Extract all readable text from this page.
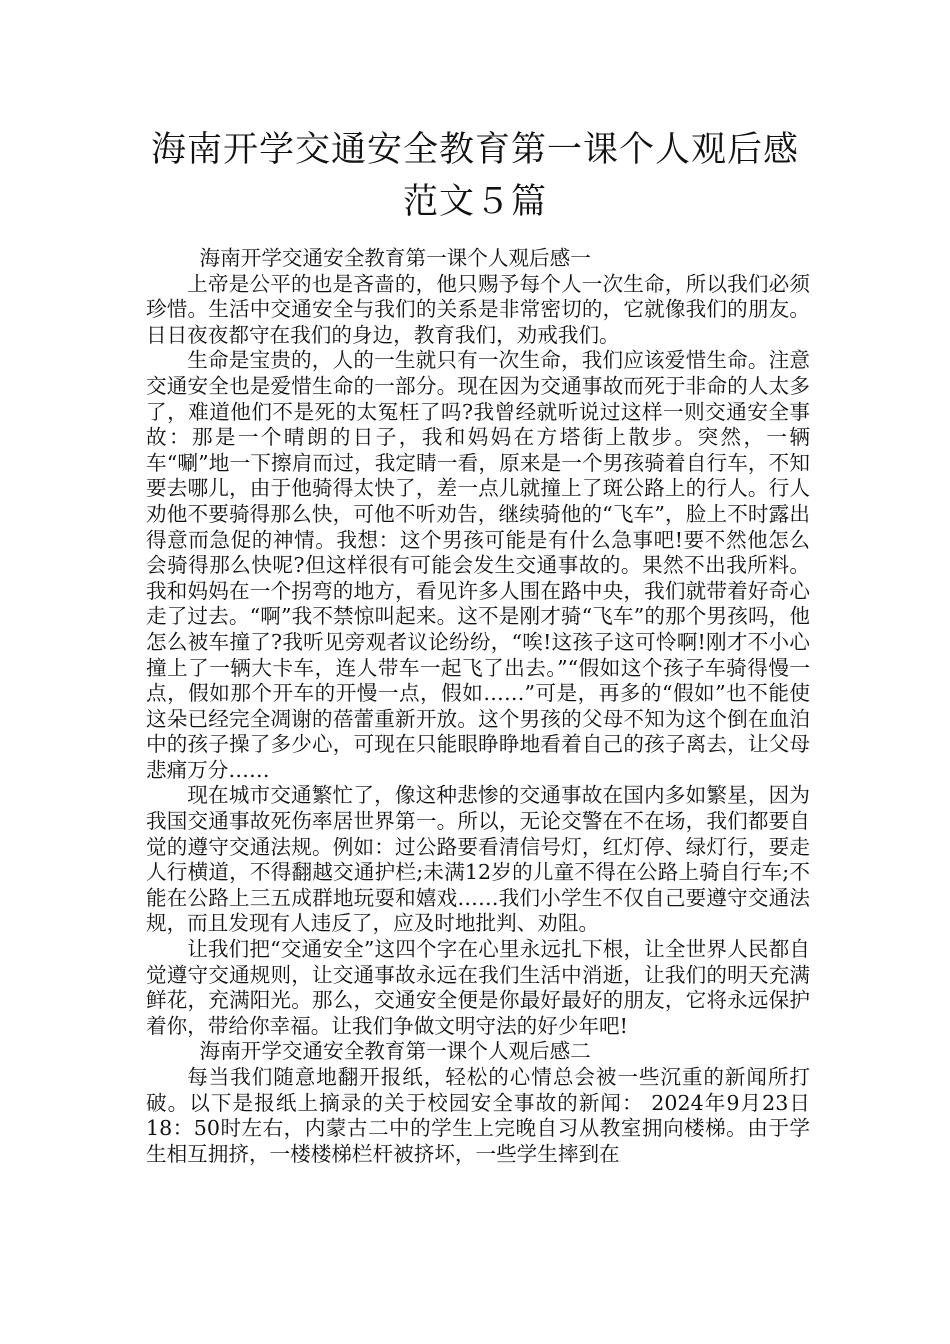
海南开学交通安全教育第一课个人观后感
范文５篇

海南开学交通安全教育第一课个人观后感一

上帝是公平的也是吝啬的，他只赐予每个人一次生命，所以我们必须珍惜。生活中交通安全与我们的关系是非常密切的，它就像我们的朋友。日日夜夜都守在我们的身边，教育我们，劝戒我们。

生命是宝贵的，人的一生就只有一次生命，我们应该爱惜生命。注意交通安全也是爱惜生命的一部分。现在因为交通事故而死于非命的人太多了，难道他们不是死的太冤枉了吗?我曾经就听说过这样一则交通安全事故：那是一个晴朗的日子，我和妈妈在方塔街上散步。突然，一辆车“唰”地一下擦肩而过，我定睛一看，原来是一个男孩骑着自行车，不知要去哪儿，由于他骑得太快了，差一点儿就撞上了斑公路上的行人。行人劝他不要骑得那么快，可他不听劝告，继续骑他的“飞车”，脸上不时露出得意而急促的神情。我想：这个男孩可能是有什么急事吧!要不然他怎么会骑得那么快呢?但这样很有可能会发生交通事故的。果然不出我所料。我和妈妈在一个拐弯的地方，看见许多人围在路中央，我们就带着好奇心走了过去。“啊”我不禁惊叫起来。这不是刚才骑“飞车”的那个男孩吗，他怎么被车撞了?我听见旁观者议论纷纷，“唉!这孩子这可怜啊!刚才不小心撞上了一辆大卡车，连人带车一起飞了出去。”“假如这个孩子车骑得慢一点，假如那个开车的开慢一点，假如……”可是，再多的“假如”也不能使这朵已经完全凋谢的蓓蕾重新开放。这个男孩的父母不知为这个倒在血泊中的孩子操了多少心，可现在只能眼睁睁地看着自己的孩子离去，让父母悲痛万分……

现在城市交通繁忙了，像这种悲惨的交通事故在国内多如繁星，因为我国交通事故死伤率居世界第一。所以，无论交警在不在场，我们都要自觉的遵守交通法规。例如：过公路要看清信号灯，红灯停、绿灯行，要走人行横道，不得翻越交通护栏;未满12岁的儿童不得在公路上骑自行车;不能在公路上三五成群地玩耍和嬉戏……我们小学生不仅自己要遵守交通法规，而且发现有人违反了，应及时地批判、劝阻。

让我们把“交通安全”这四个字在心里永远扎下根，让全世界人民都自觉遵守交通规则，让交通事故永远在我们生活中消逝，让我们的明天充满鲜花，充满阳光。那么，交通安全便是你最好最好的朋友，它将永远保护着你，带给你幸福。让我们争做文明守法的好少年吧!

海南开学交通安全教育第一课个人观后感二

每当我们随意地翻开报纸，轻松的心情总会被一些沉重的新闻所打破。以下是报纸上摘录的关于校园安全事故的新闻： 2024年9月23日18：50时左右，内蒙古二中的学生上完晚自习从教室拥向楼梯。由于学生相互拥挤，一楼楼梯栏杆被挤坏，一些学生摔到在
